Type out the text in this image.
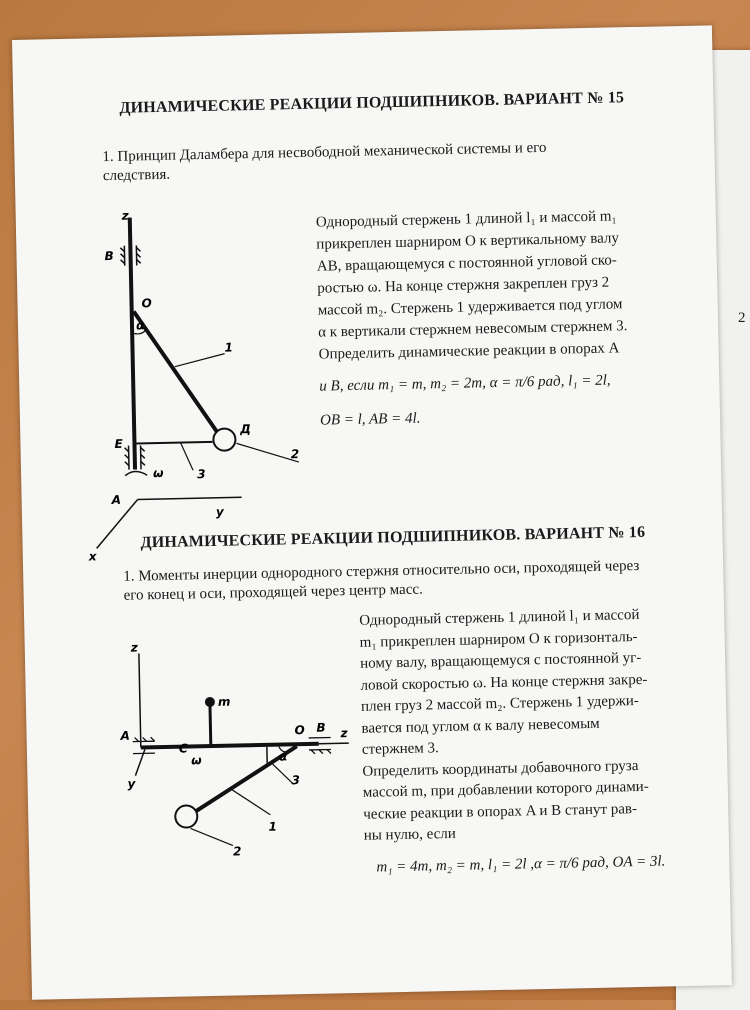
2
ДИНАМИЧЕСКИЕ РЕАКЦИИ ПОДШИПНИКОВ. ВАРИАНТ № 15
1. Принцип Даламбера для несвободной механической системы и его следствия.
z
B
O
α
1
Д
E
ω	3
2
A
y
x

Однородный стержень 1 длиной l₁ и массой m₁

прикреплен шарниром O к вертикальному валу

AB, вращающемуся с постоянной угловой ско-

ростью ω. На конце стержня закреплен груз 2

массой m₂. Стержень 1 удерживается под углом

α к вертикали стержнем невесомым стержнем 3.

Определить динамические реакции в опорах A

и B, если m₁ = m, m₂ = 2m, α = π/6 рад, l₁ = 2l,

OB = l, AB = 4l.

ДИНАМИЧЕСКИЕ РЕАКЦИИ ПОДШИПНИКОВ. ВАРИАНТ № 16
1. Моменты инерции однородного стержня относительно оси, проходящей через его конец и оси, проходящей через центр масс.
z
m
A	O B z
C
ω	α
y	3
1
2

Однородный стержень 1 длиной l₁ и массой

m₁ прикреплен шарниром O к горизонталь-

ному валу, вращающемуся с постоянной уг-

ловой скоростью ω. На конце стержня закре-

плен груз 2 массой m₂. Стержень 1 удержи-

вается под углом α к валу невесомым

стержнем 3.

Определить координаты добавочного груза

массой m, при добавлении которого динами-

ческие реакции в опорах A и B станут рав-

ны нулю, если

m₁ = 4m, m₂ = m, l₁ = 2l ,α = π/6 рад, OA = 3l.
